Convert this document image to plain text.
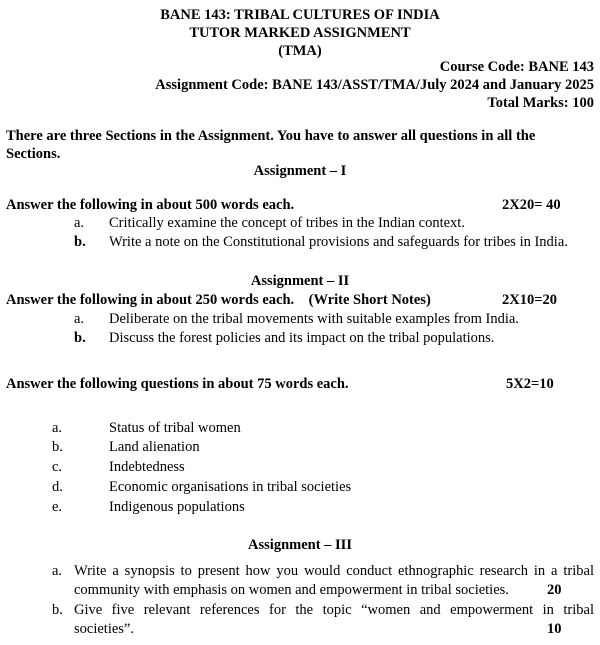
BANE 143: TRIBAL CULTURES OF INDIA
TUTOR MARKED ASSIGNMENT
(TMA)
Course Code: BANE 143
Assignment Code: BANE 143/ASST/TMA/July 2024 and January 2025
Total Marks: 100
There are three Sections in the Assignment. You have to answer all questions in all the
Sections.
Assignment – I
Answer the following in about 500 words each.	2X20= 40
a. Critically examine the concept of tribes in the Indian context.
b. Write a note on the Constitutional provisions and safeguards for tribes in India.
Assignment – II
Answer the following in about 250 words each.    (Write Short Notes)	2X10=20
a. Deliberate on the tribal movements with suitable examples from India.
b. Discuss the forest policies and its impact on the tribal populations.
Answer the following questions in about 75 words each.	5X2=10
a.	Status of tribal women
b.	Land alienation
c.	Indebtedness
d.	Economic organisations in tribal societies
e.	Indigenous populations
Assignment – III
a. Write a synopsis to present how you would conduct ethnographic research in a tribal
community with emphasis on women and empowerment in tribal societies.	20
b. Give five relevant references for the topic “women and empowerment in tribal
societies”.	10
